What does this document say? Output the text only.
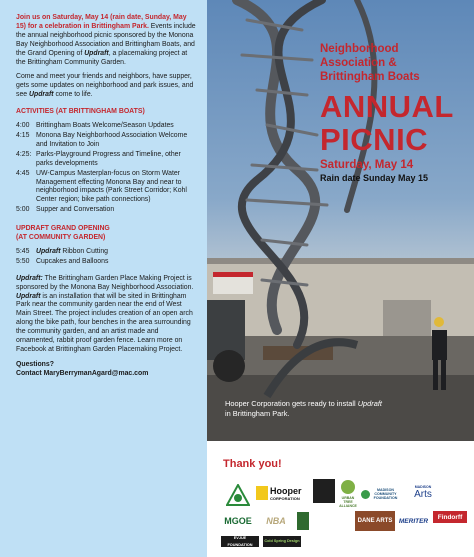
Join us on Saturday, May 14 (rain date, Sunday, May 15) for a celebration in Brittingham Park. Events include the annual neighborhood picnic sponsored by the Monona Bay Neighborhood Association and Brittingham Boats, and the Grand Opening of Updraft, a placemaking project at the Brittingham Community Garden.

Come and meet your friends and neighbors, have supper, gets some updates on neighborhood and park issues, and see Updraft come to life.

ACTIVITIES (AT BRITTINGHAM BOATS)
4:00 Brittingham Boats Welcome/Season Updates
4:15 Monona Bay Neighborhood Association Welcome and Invitation to Join
4:25: Parks-Playground Progress and Timeline, other parks developments
4:45 UW-Campus Masterplan-focus on Storm Water Management effecting Monona Bay and near to neighborhood impacts (Park Street Corridor; Kohl Center region; bike path connections)
5:00 Supper and Conversation
UPDRAFT GRAND OPENING
(AT COMMUNITY GARDEN)
5:45 Updraft Ribbon Cutting
5:50 Cupcakes and Balloons

Updraft: The Brittingham Garden Place Making Project is sponsored by the Monona Bay Neighborhood Association. Updraft is an installation that will be sited in Brittingham Park near the community garden near the end of West Main Street. The project includes creation of an open arch along the bike path, four benches in the area surrounding the community garden, and an artist made and ornamented, rabbit proof garden fence. Learn more on Facebook at Brittingham Garden Placemaking Project.

Questions?
Contact MaryBerrymanAgard@mac.com
Neighborhood
Association &
Brittingham Boats
ANNUAL
PICNIC
Saturday, May 14
Rain date Sunday May 15
Hooper Corporation gets ready to install Updraft in Brittingham Park.
Thank you!
Hooper
CORPORATION	URBAN TREE ALLIANCE
MADISON COMMUNITY FOUNDATION
MADISON
Arts
MGOE	NBA	DANE ARTS MERITER
Findorff
EVJUE FOUNDATION
Cold Spring Design
